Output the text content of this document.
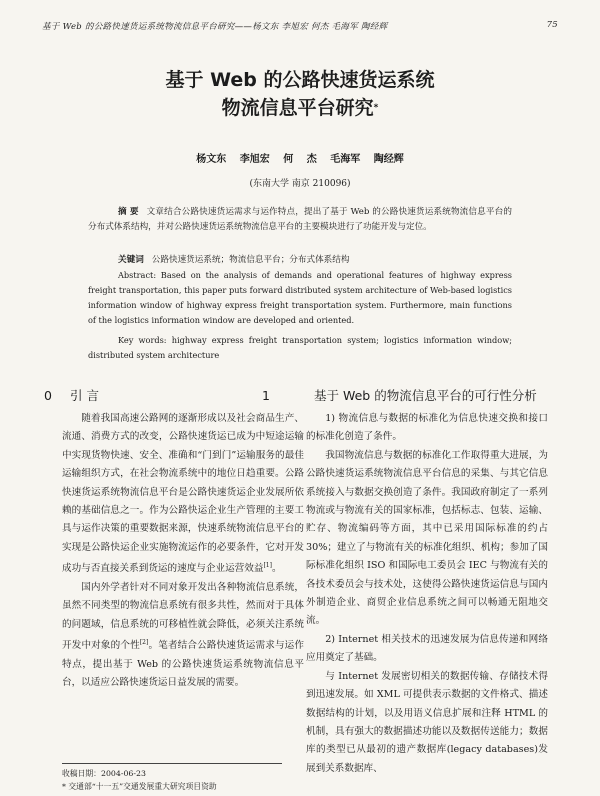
基于 Web 的公路快速货运系统物流信息平台研究——杨文东 李旭宏 何杰 毛海军 陶经辉	75
基于 Web 的公路快速货运系统
物流信息平台研究*
杨文东 李旭宏 何 杰 毛海军 陶经辉
(东南大学 南京 210096)
摘 要 文章结合公路快速货运需求与运作特点，提出了基于 Web 的公路快速货运系统物流信息平台的分布式体系结构，并对公路快速货运系统物流信息平台的主要模块进行了功能开发与定位。
关键词 公路快速货运系统；物流信息平台；分布式体系结构
Abstract: Based on the analysis of demands and operational features of highway express freight transportation, this paper puts forward distributed system architecture of Web-based logistics information window of highway express freight transportation system. Furthermore, main functions of the logistics information window are developed and oriented.
Key words: highway express freight transportation system; logistics information window; distributed system architecture
0 引 言

随着我国高速公路网的逐渐形成以及社会商品生产、流通、消费方式的改变，公路快速货运已成为中短途运输中实现货物快速、安全、准确和“门到门”运输服务的最佳运输组织方式，在社会物流系统中的地位日趋重要。公路快速货运系统物流信息平台是公路快速货运企业发展所依赖的基础信息之一。作为公路快运企业生产管理的主要工具与运作决策的重要数据来源，快速系统物流信息平台的实现是公路快运企业实施物流运作的必要条件，它对开发成功与否直接关系到货运的速度与企业运营效益[1]。

国内外学者针对不同对象开发出各种物流信息系统，虽然不同类型的物流信息系统有很多共性，然而对于具体的问题域，信息系统的可移植性就会降低，必须关注系统开发中对象的个性[2]。笔者结合公路快速货运需求与运作特点，提出基于 Web 的公路快速货运系统物流信息平台，以适应公路快速货运日益发展的需要。

1	基于 Web 的物流信息平台的可行性分析

1) 物流信息与数据的标准化为信息快速交换和接口的标准化创造了条件。

我国物流信息与数据的标准化工作取得重大进展，为公路快速货运系统物流信息平台信息的采集、与其它信息系统接入与数据交换创造了条件。我国政府制定了一系列物流或与物流有关的国家标准，包括标志、包装、运输、贮存、物流编码等方面，其中已采用国际标准的约占 30%；建立了与物流有关的标准化组织、机构；参加了国际标准化组织 ISO 和国际电工委员会 IEC 与物流有关的各技术委员会与技术处，这使得公路快速货运信息与国内外制造企业、商贸企业信息系统之间可以畅通无阻地交流。

2) Internet 相关技术的迅速发展为信息传递和网络应用奠定了基础。

与 Internet 发展密切相关的数据传输、存储技术得到迅速发展。如 XML 可提供表示数据的文件格式、描述数据结构的计划，以及用语义信息扩展和注释 HTML 的机制，具有强大的数据描述功能以及数据传送能力；数据库的类型已从最初的遗产数据库(legacy databases)发展到关系数据库、

收稿日期：2004-06-23
* 交通部“十一五”交通发展重大研究项目资助
